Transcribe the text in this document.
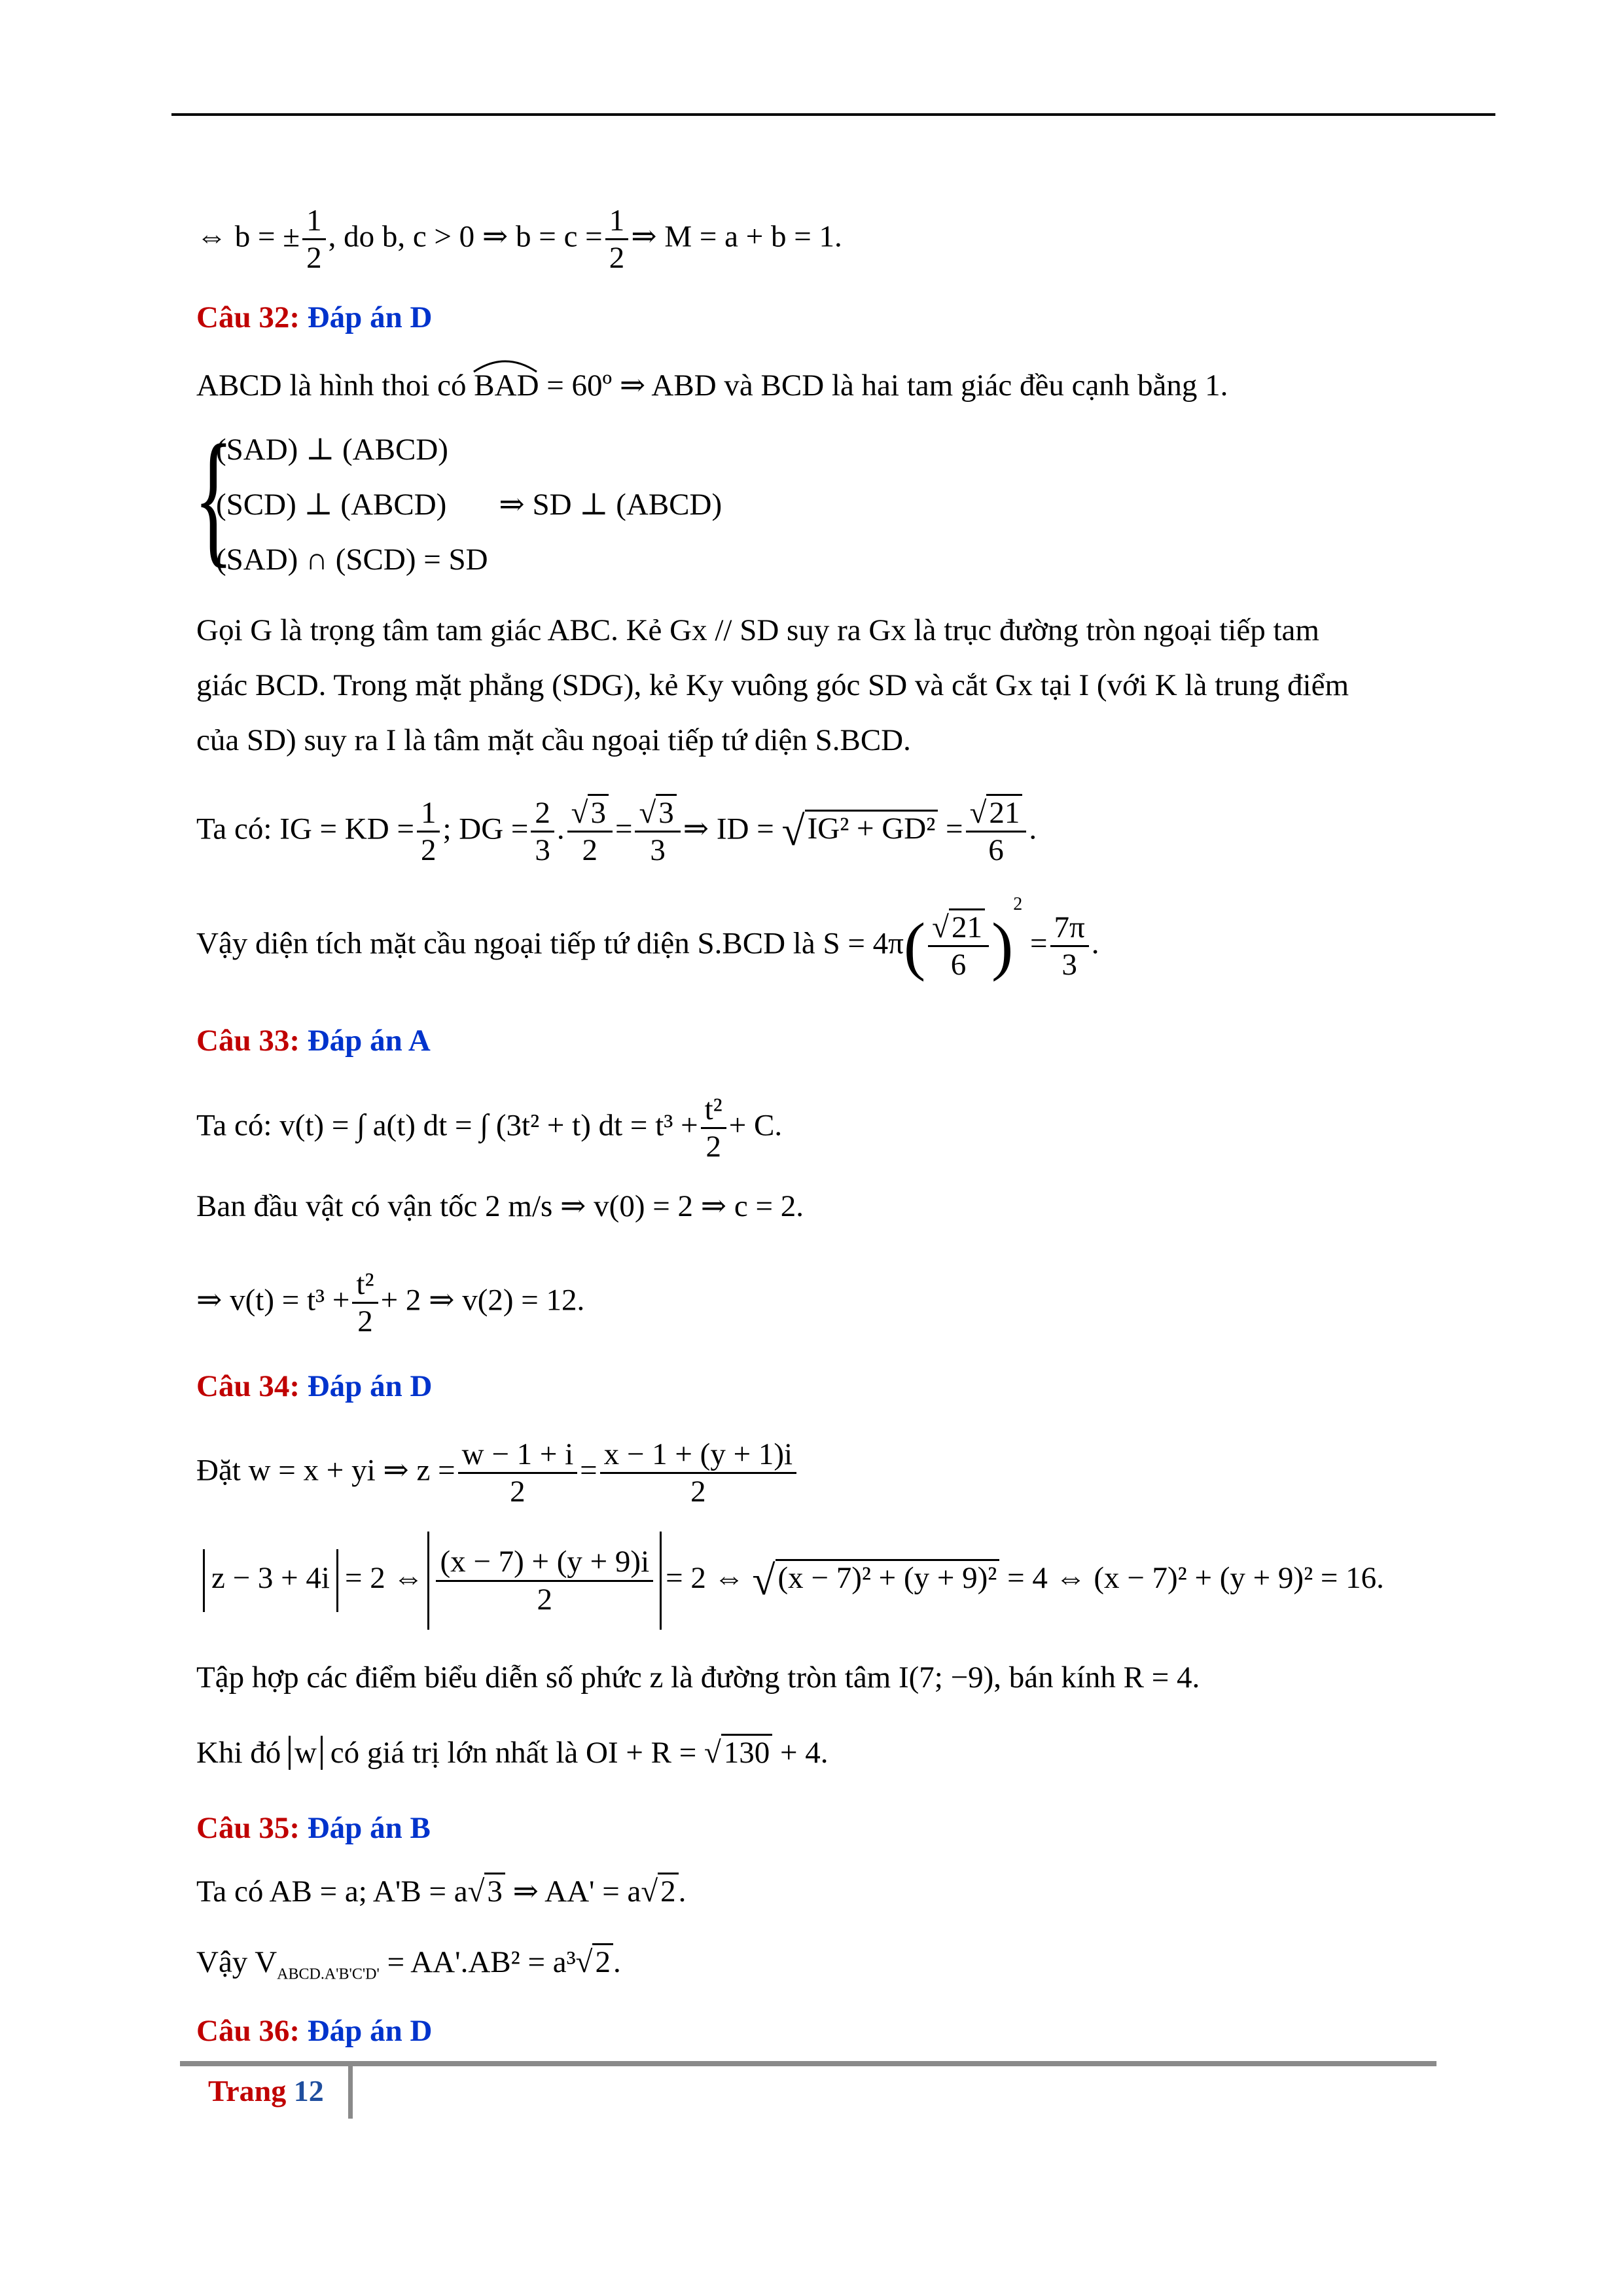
⇔ b = ± $\frac{1}{2}$ , do b, c > 0 ⇒ $b = c = \frac{1}{2}$ ⇒ M = a + b = 1.
Câu 32: Đáp án D
ABCD là hình thoi có BAD = 60º ⇒ ABD và BCD là hai tam giác đều cạnh bằng 1.
{
(SAD) ⊥ (ABCD)
(SCD) ⊥ (ABCD) ⇒ SD ⊥ (ABCD)
(SAD) ∩ (SCD) = SD
Gọi G là trọng tâm tam giác ABC. Kẻ Gx // SD suy ra Gx là trục đường tròn ngoại tiếp tam
giác BCD. Trong mặt phẳng (SDG), kẻ Ky vuông góc SD và cắt Gx tại I (với K là trung điểm
của SD) suy ra I là tâm mặt cầu ngoại tiếp tứ diện S.BCD.
Ta có: IG = KD = $\frac{1}{2}$ ; DG = $\frac{2}{3}$ . $\frac{√3}{2} = \frac{√3}{3}$ ⇒ ID = $√IG^2 + GD^2 = \frac{√21}{6}$ .
Vậy diện tích mặt cầu ngoại tiếp tứ diện S.BCD là $S = 4\pi( \frac{√21}{6} )^2 = \frac{7\pi}{3}$ .
Câu 33: Đáp án A
Ta có: v(t) = ∫ a(t) dt = ∫ (3t² + t) dt = $t^3 + \frac{\text{t²}}{2} + C$.
Ban đầu vật có vận tốc 2 m/s ⇒ v(0) = 2 ⇒ c = 2.
⇒ $v(t) = t^3 + \frac{\text{t²}}{2} + 2$ ⇒ v(2) = 12.
Câu 34: Đáp án D
Đặt w = x + yi ⇒ $z = \frac{w - 1 + i}{2} = \frac{x - 1 + (y + 1)i}{2}$
z − 3 + 4i = 2 ⇔ $\frac{(x - 7) + (y + 9)i}{2} = 2$ ⇔ √(x − 7)² + (y + 9)² = 4 ⇔ (x − 7)² + (y + 9)² = 16.
Tập hợp các điểm biểu diễn số phức z là đường tròn tâm I(7; −9), bán kính R = 4.
Khi đó w có giá trị lớn nhất là OI + R = √130 + 4.
Câu 35: Đáp án B
Ta có AB = a; A'B = a√3 ⇒ AA' = a√2.
Vậy $V_{ABCD.A'B'C'D'} = AA'.AB^2 = a^3√2$.
Câu 36: Đáp án D
Trang 12
